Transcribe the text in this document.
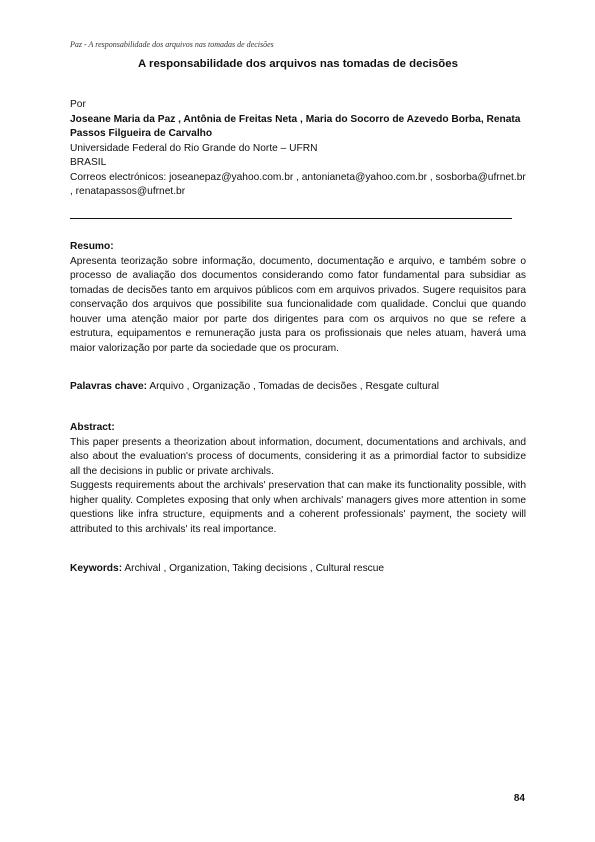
Paz - A responsabilidade dos arquivos nas tomadas de decisões
A responsabilidade dos arquivos nas tomadas de decisões
Por
Joseane Maria da Paz , Antônia de Freitas Neta , Maria do Socorro de Azevedo Borba, Renata Passos Filgueira de Carvalho
Universidade Federal do Rio Grande do Norte – UFRN
BRASIL
Correos electrónicos: joseanepaz@yahoo.com.br , antonianeta@yahoo.com.br , sosborba@ufrnet.br , renatapassos@ufrnet.br
Resumo:
Apresenta teorização sobre informação, documento, documentação e arquivo, e também sobre o processo de avaliação dos documentos considerando como fator fundamental para subsidiar as tomadas de decisões tanto em arquivos públicos com em arquivos privados. Sugere requisitos para conservação dos arquivos que possibilite sua funcionalidade com qualidade. Conclui que quando houver uma atenção maior por parte dos dirigentes para com os arquivos no que se refere a estrutura, equipamentos e remuneração justa para os profissionais que neles atuam, haverá uma maior valorização por parte da sociedade que os procuram.
Palavras chave: Arquivo , Organização , Tomadas de decisões , Resgate cultural
Abstract:
This paper presents a theorization about information, document, documentations and archivals, and also about the evaluation's process of documents, considering it as a primordial factor to subsidize all the decisions in public or private archivals.
Suggests requirements about the archivals' preservation that can make its functionality possible, with higher quality. Completes exposing that only when archivals' managers gives more attention in some questions like infra structure, equipments and a coherent professionals' payment, the society will attributed to this archivals' its real importance.
Keywords: Archival , Organization, Taking decisions , Cultural rescue
84
